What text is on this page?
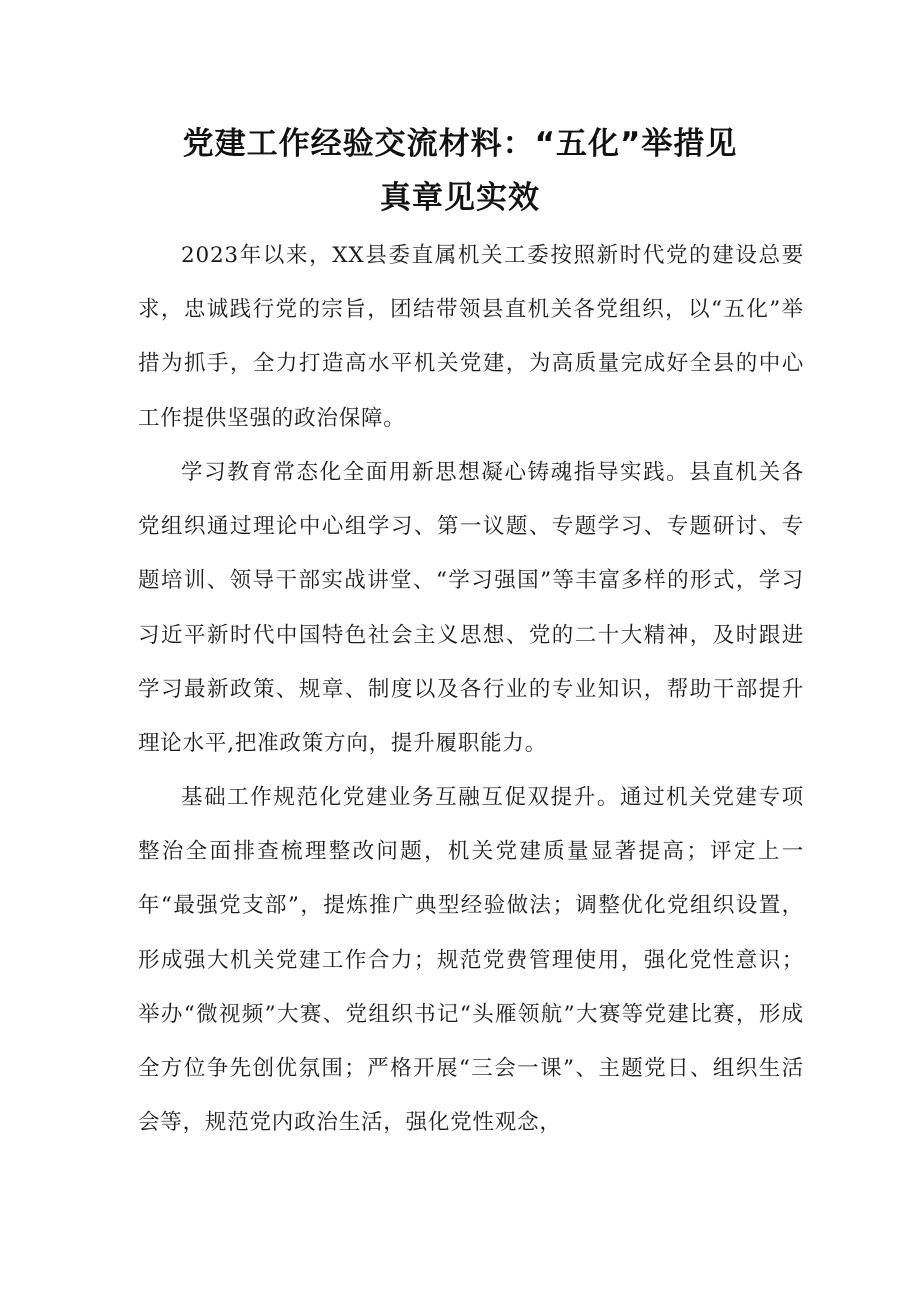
党建工作经验交流材料：“五化”举措见
真章见实效

2023年以来，XX县委直属机关工委按照新时代党的建设总要求，忠诚践行党的宗旨，团结带领县直机关各党组织，以“五化”举措为抓手，全力打造高水平机关党建，为高质量完成好全县的中心工作提供坚强的政治保障。

学习教育常态化全面用新思想凝心铸魂指导实践。县直机关各党组织通过理论中心组学习、第一议题、专题学习、专题研讨、专题培训、领导干部实战讲堂、“学习强国”等丰富多样的形式，学习习近平新时代中国特色社会主义思想、党的二十大精神，及时跟进学习最新政策、规章、制度以及各行业的专业知识，帮助干部提升理论水平,把准政策方向，提升履职能力。

基础工作规范化党建业务互融互促双提升。通过机关党建专项整治全面排查梳理整改问题，机关党建质量显著提高；评定上一年“最强党支部”，提炼推广典型经验做法；调整优化党组织设置，形成强大机关党建工作合力；规范党费管理使用，强化党性意识；举办“微视频”大赛、党组织书记“头雁领航”大赛等党建比赛，形成全方位争先创优氛围；严格开展“三会一课”、主题党日、组织生活会等，规范党内政治生活，强化党性观念，
